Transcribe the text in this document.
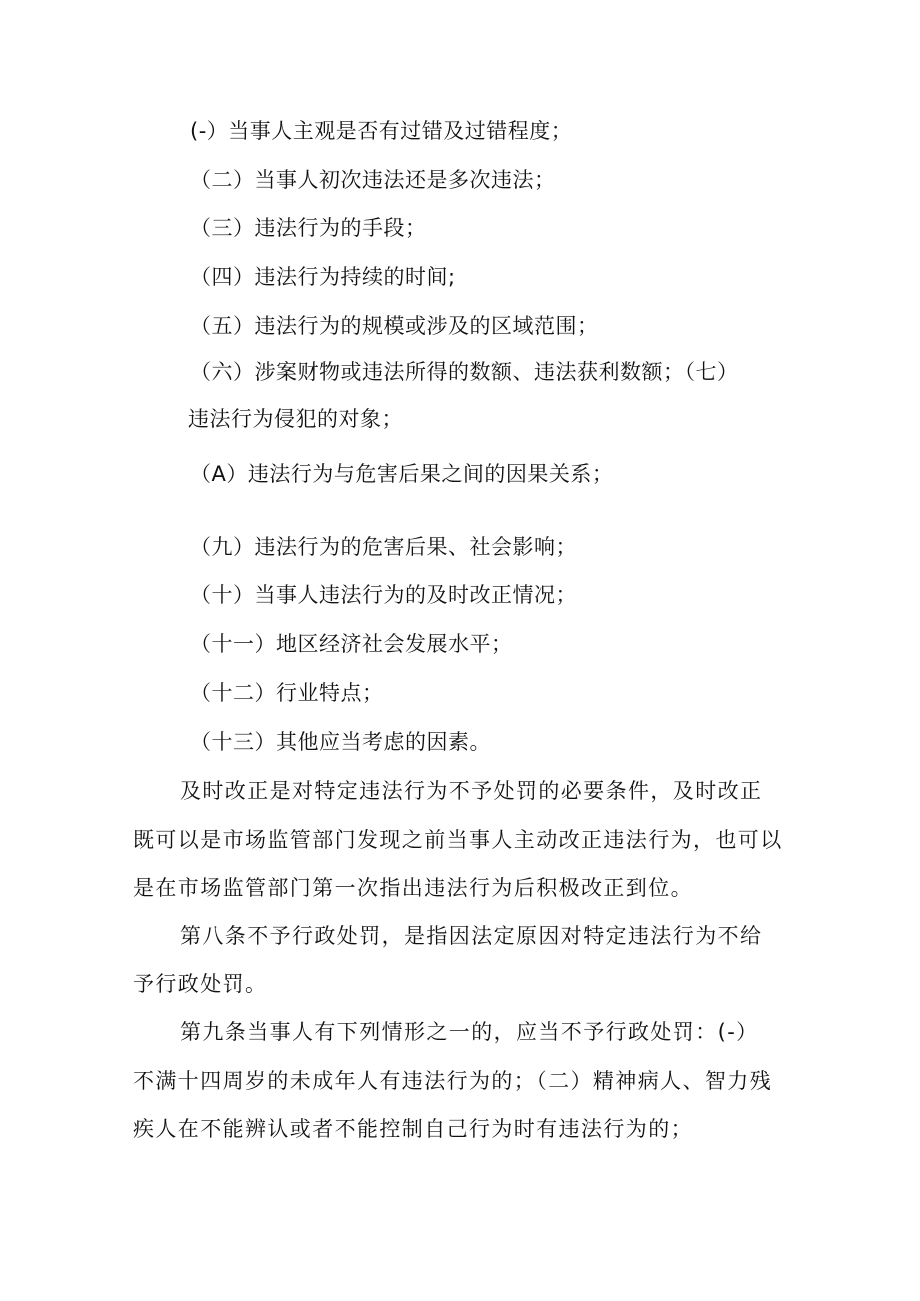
(-）当事人主观是否有过错及过错程度；
（二）当事人初次违法还是多次违法；
（三）违法行为的手段；
（四）违法行为持续的时间;
（五）违法行为的规模或涉及的区域范围；
（六）涉案财物或违法所得的数额、违法获利数额；（七）
违法行为侵犯的对象；
（A）违法行为与危害后果之间的因果关系；
（九）违法行为的危害后果、社会影响；
（十）当事人违法行为的及时改正情况；
（十一）地区经济社会发展水平；
（十二）行业特点；
（十三）其他应当考虑的因素。
及时改正是对特定违法行为不予处罚的必要条件，及时改正
既可以是市场监管部门发现之前当事人主动改正违法行为，也可以
是在市场监管部门第一次指出违法行为后积极改正到位。
第八条不予行政处罚，是指因法定原因对特定违法行为不给
予行政处罚。
第九条当事人有下列情形之一的，应当不予行政处罚：(-）
不满十四周岁的未成年人有违法行为的；（二）精神病人、智力残
疾人在不能辨认或者不能控制自己行为时有违法行为的；
